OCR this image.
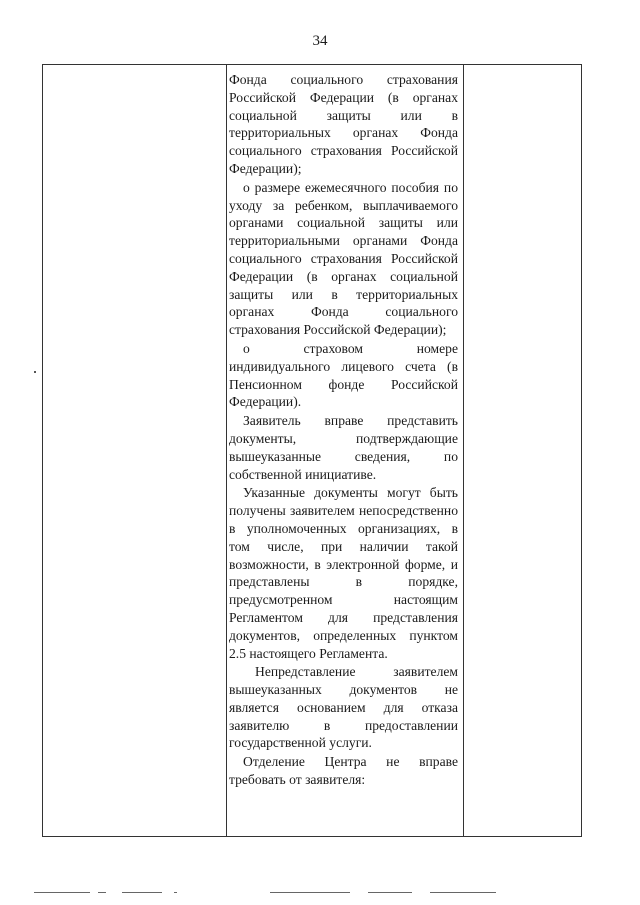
34

Фонда социального страхования Российской Федерации (в органах социальной защиты или в территориальных органах Фонда социального страхования Российской Федерации);

о размере ежемесячного пособия по уходу за ребенком, выплачиваемого органами социальной защиты или территориальными органами Фонда социального страхования Российской Федерации (в органах социальной защиты или в территориальных органах Фонда социального страхования Российской Федерации);

о страховом номере индивидуального лицевого счета (в Пенсионном фонде Российской Федерации).

Заявитель вправе представить документы, подтверждающие вышеуказанные сведения, по собственной инициативе.

Указанные документы могут быть получены заявителем непосредственно в уполномоченных организациях, в том числе, при наличии такой возможности, в электронной форме, и представлены в порядке, предусмотренном настоящим Регламентом для представления документов, определенных пунктом 2.5 настоящего Регламента.

Непредставление заявителем вышеуказанных документов не является основанием для отказа заявителю в предоставлении государственной услуги.

Отделение Центра не вправе требовать от заявителя:
